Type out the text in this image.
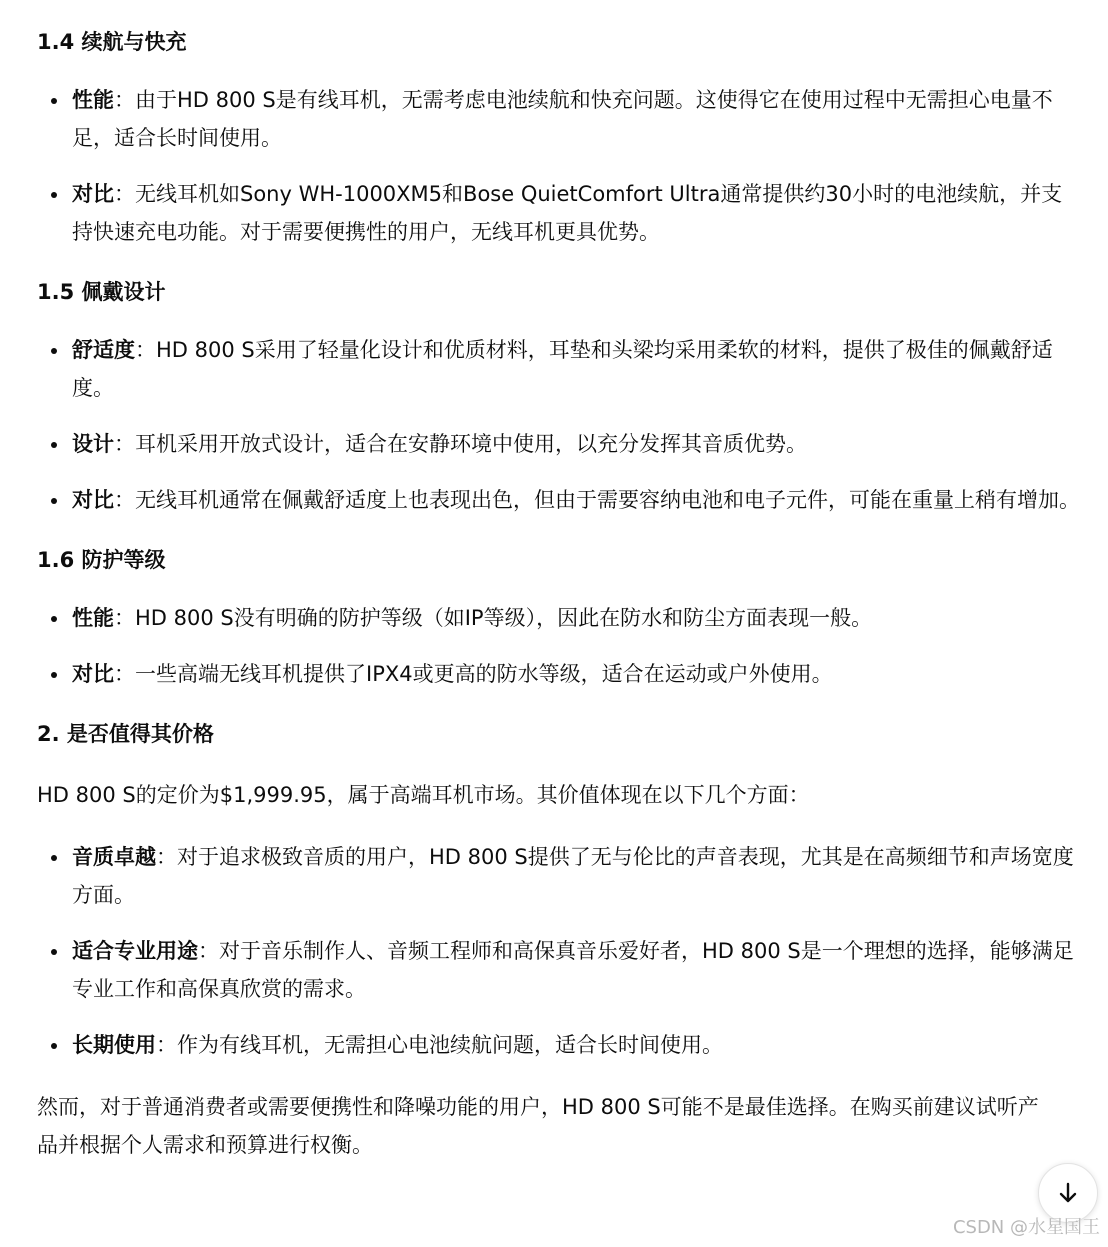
1.4 续航与快充
性能：由于HD 800 S是有线耳机，无需考虑电池续航和快充问题。这使得它在使用过程中无需担心电量不足，适合长时间使用。
对比：无线耳机如Sony WH-1000XM5和Bose QuietComfort Ultra通常提供约30小时的电池续航，并支持快速充电功能。对于需要便携性的用户，无线耳机更具优势。
1.5 佩戴设计
舒适度：HD 800 S采用了轻量化设计和优质材料，耳垫和头梁均采用柔软的材料，提供了极佳的佩戴舒适度。
设计：耳机采用开放式设计，适合在安静环境中使用，以充分发挥其音质优势。
对比：无线耳机通常在佩戴舒适度上也表现出色，但由于需要容纳电池和电子元件，可能在重量上稍有增加。
1.6 防护等级
性能：HD 800 S没有明确的防护等级（如IP等级），因此在防水和防尘方面表现一般。
对比：一些高端无线耳机提供了IPX4或更高的防水等级，适合在运动或户外使用。
2. 是否值得其价格

HD 800 S的定价为$1,999.95，属于高端耳机市场。其价值体现在以下几个方面：

音质卓越：对于追求极致音质的用户，HD 800 S提供了无与伦比的声音表现，尤其是在高频细节和声场宽度方面。
适合专业用途：对于音乐制作人、音频工程师和高保真音乐爱好者，HD 800 S是一个理想的选择，能够满足专业工作和高保真欣赏的需求。
长期使用：作为有线耳机，无需担心电池续航问题，适合长时间使用。

然而，对于普通消费者或需要便携性和降噪功能的用户，HD 800 S可能不是最佳选择。在购买前建议试听产品并根据个人需求和预算进行权衡。

CSDN @水星国王
